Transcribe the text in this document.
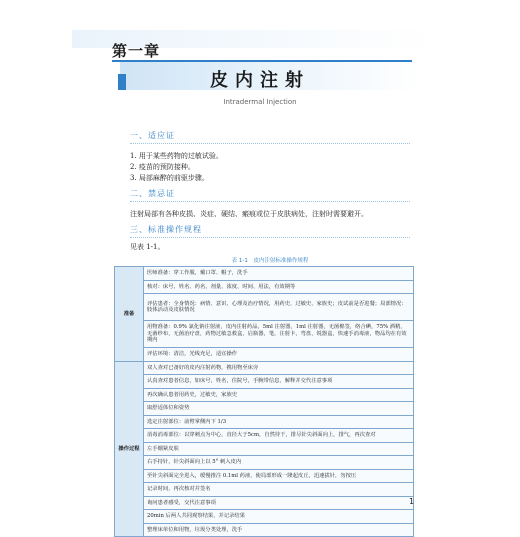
第一章
皮内注射
Intradermal Injection
一、适应证
1. 用于某些药物的过敏试验。
2. 疫苗的预防接种。
3. 局部麻醉的前驱步骤。
二、禁忌证
注射局部有各种皮损、炎症、硬结、瘢痕或位于皮肤病处，注射时需要避开。
三、标准操作规程
见表 1-1。
表 1-1　皮内注射标准操作规程
准备	医师准备：穿工作服，戴口罩、帽子，洗手
	核对：床号、姓名、药名、剂量、浓度、时间、用法，有效期等
	评估患者：全身情况：病情、意识、心理及治疗情况，用药史、过敏史、家族史；皮试前是否进餐；局部情况：肢体活动及皮肤情况
	用物准备：0.9% 氯化钠注射液，皮内注射药品，5ml 注射器，1ml 注射器，无菌棉签，络合碘，75% 酒精，无菌纱布，无菌治疗盘，药物过敏急救盒，启瓶器，笔，注射卡，弯盘，锐器盒，快速手消毒液，物品均在有效期内
	评估环境：清洁，光线充足，适宜操作
操作过程	双人查对已备好的皮内注射药物，携用物至床旁
	认真查对患者信息，如床号，姓名，住院号，手腕带信息，解释并交代注意事项
	再次确认患者用药史，过敏史，家族史
	取舒适体位和姿势
	选定注射部位：前臂掌侧内下 1/3
	消毒消毒部位：以穿刺点为中心，直径大于5cm，自然待干，排尽针尖斜面向上，排气，再次查对
	左手绷紧皮肤
	右手持针，针尖斜面向上以 5° 刺入皮内
	至针尖斜面完全进入，缓慢推注 0.1ml 药液，使局部形成一隆起皮丘，迅速拔针，勿按压
	记录时间，再次核对并签名
	询问患者感受，交代注意事项
	20min 后两人共同观察结果，并记录结果
	整理床单位和用物，垃圾分类处理，洗手
1
